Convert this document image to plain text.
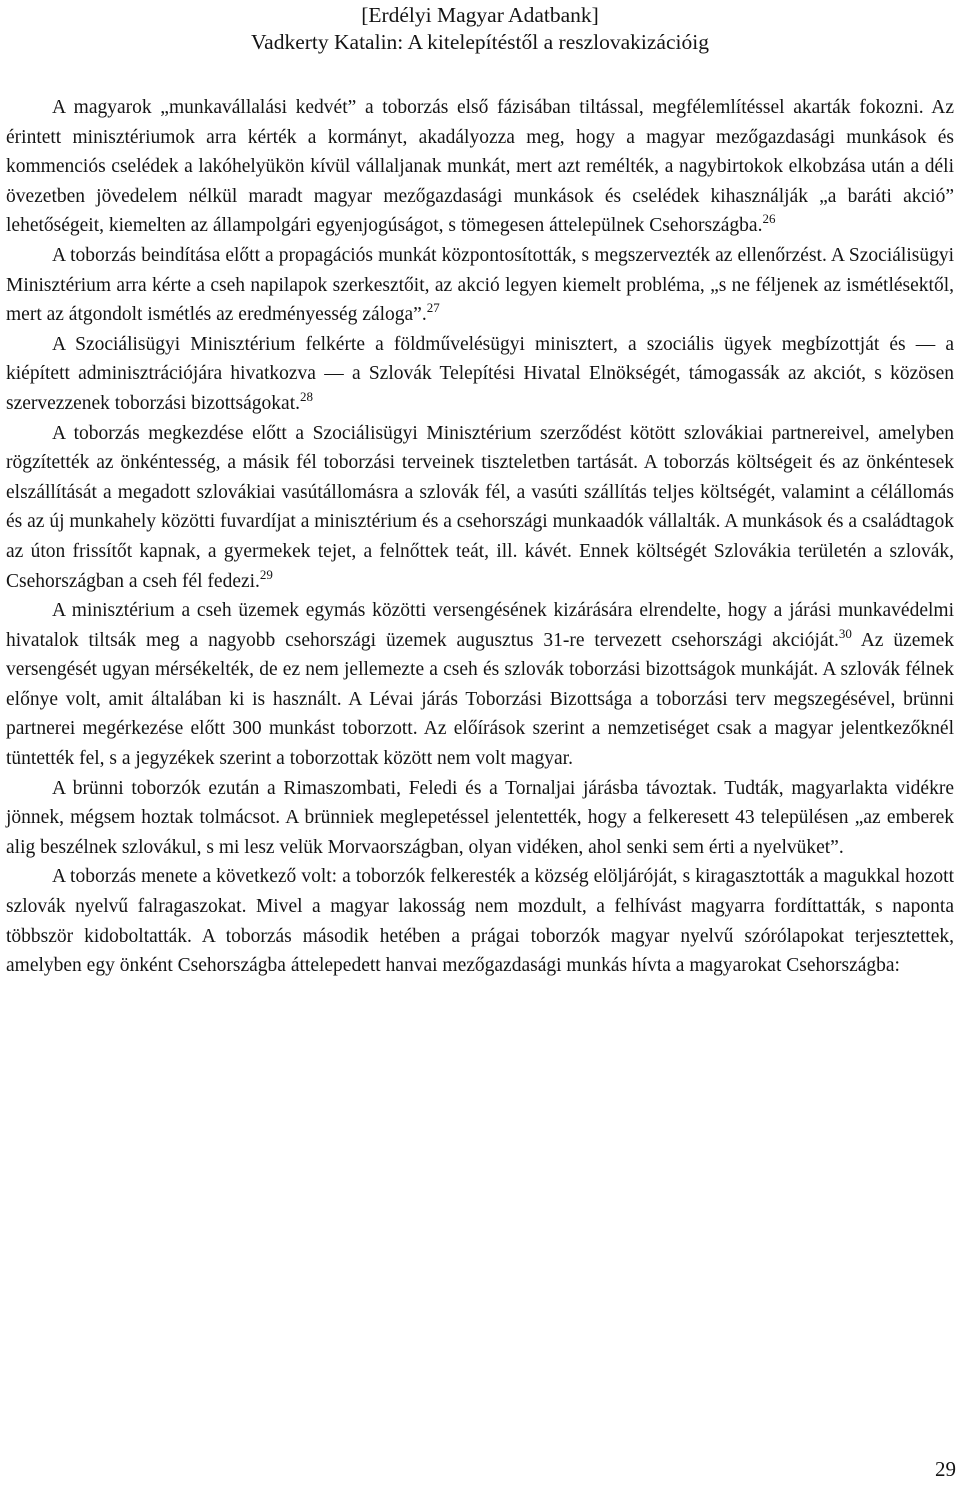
[Erdélyi Magyar Adatbank]
Vadkerty Katalin: A kitelepítéstől a reszlovakizációig

A magyarok „munkavállalási kedvét” a toborzás első fázisában tiltással, megfélemlítéssel akarták fokozni. Az érintett minisztériumok arra kérték a kormányt, akadályozza meg, hogy a magyar mezőgazdasági munkások és kommenciós cselédek a lakóhelyükön kívül vállaljanak munkát, mert azt remélték, a nagybirtokok elkobzása után a déli övezetben jövedelem nélkül maradt magyar mezőgazdasági munkások és cselédek kihasználják „a baráti akció” lehetőségeit, kiemelten az állampolgári egyenjogúságot, s tömegesen áttelepülnek Csehországba.$^{26}$

A toborzás beindítása előtt a propagációs munkát központosították, s megszervezték az ellenőrzést. A Szociálisügyi Minisztérium arra kérte a cseh napilapok szerkesztőit, az akció legyen kiemelt probléma, „s ne féljenek az ismétlésektől, mert az átgondolt ismétlés az eredményesség záloga”.$^{27}$

A Szociálisügyi Minisztérium felkérte a földművelésügyi minisztert, a szociális ügyek megbízottját és — a kiépített adminisztrációjára hivatkozva — a Szlovák Telepítési Hivatal Elnökségét, támogassák az akciót, s közösen szervezzenek toborzási bizottságokat.$^{28}$

A toborzás megkezdése előtt a Szociálisügyi Minisztérium szerződést kötött szlovákiai partnereivel, amelyben rögzítették az önkéntesség, a másik fél toborzási terveinek tiszteletben tartását. A toborzás költségeit és az önkéntesek elszállítását a megadott szlovákiai vasútállomásra a szlovák fél, a vasúti szállítás teljes költségét, valamint a célállomás és az új munkahely közötti fuvardíjat a minisztérium és a csehországi munkaadók vállalták. A munkások és a családtagok az úton frissítőt kapnak, a gyermekek tejet, a felnőttek teát, ill. kávét. Ennek költségét Szlovákia területén a szlovák, Csehországban a cseh fél fedezi.$^{29}$

A minisztérium a cseh üzemek egymás közötti versengésének kizárására elrendelte, hogy a járási munkavédelmi hivatalok tiltsák meg a nagyobb csehországi üzemek augusztus 31-re tervezett csehországi akcióját.$^{30}$ Az üzemek versengését ugyan mérsékelték, de ez nem jellemezte a cseh és szlovák toborzási bizottságok munkáját. A szlovák félnek előnye volt, amit általában ki is használt. A Lévai járás Toborzási Bizottsága a toborzási terv megszegésével, brünni partnerei megérkezése előtt 300 munkást toborzott. Az előírások szerint a nemzetiséget csak a magyar jelentkezőknél tüntették fel, s a jegyzékek szerint a toborzottak között nem volt magyar.

A brünni toborzók ezután a Rimaszombati, Feledi és a Tornaljai járásba távoztak. Tudták, magyarlakta vidékre jönnek, mégsem hoztak tolmácsot. A brünniek meglepetéssel jelentették, hogy a felkeresett 43 településen „az emberek alig beszélnek szlovákul, s mi lesz velük Morvaországban, olyan vidéken, ahol senki sem érti a nyelvüket”.

A toborzás menete a következő volt: a toborzók felkeresték a község elöljáróját, s kiragasztották a magukkal hozott szlovák nyelvű falragaszokat. Mivel a magyar lakosság nem mozdult, a felhívást magyarra fordíttatták, s naponta többször kidoboltatták. A toborzás második hetében a prágai toborzók magyar nyelvű szórólapokat terjesztettek, amelyben egy önként Csehországba áttelepedett hanvai mezőgazdasági munkás hívta a magyarokat Csehországba:

29
